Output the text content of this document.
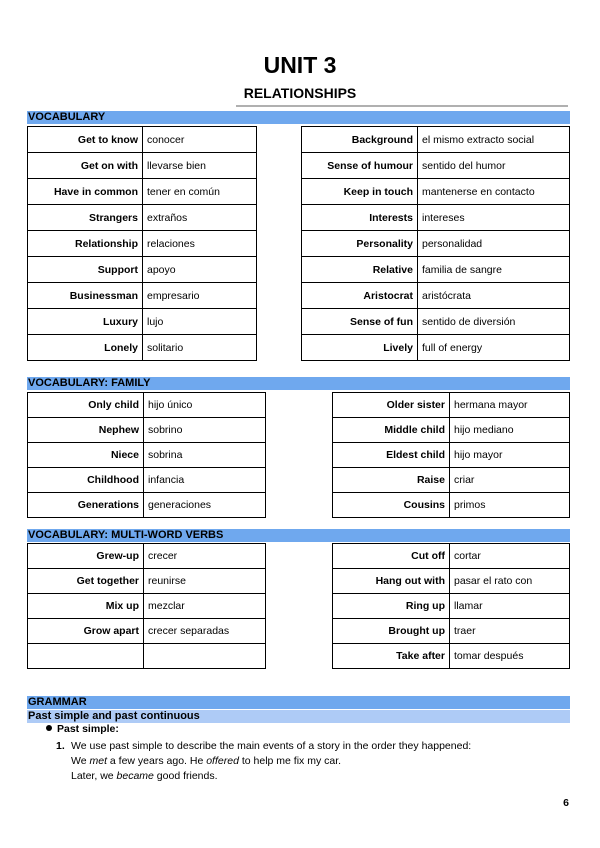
UNIT 3
RELATIONSHIPS
VOCABULARY
Get to know	conocer
Get on with	llevarse bien
Have in common	tener en común
Strangers	extraños
Relationship	relaciones
Support	apoyo
Businessman	empresario
Luxury	lujo
Lonely	solitario
Background	el mismo extracto social
Sense of humour	sentido del humor
Keep in touch	mantenerse en contacto
Interests	intereses
Personality	personalidad
Relative	familia de sangre
Aristocrat	aristócrata
Sense of fun	sentido de diversión
Lively	full of energy
VOCABULARY: FAMILY
Only child	hijo único
Nephew	sobrino
Niece	sobrina
Childhood	infancia
Generations	generaciones
Older sister	hermana mayor
Middle child	hijo mediano
Eldest child	hijo mayor
Raise	criar
Cousins	primos
VOCABULARY: MULTI-WORD VERBS
Grew-up	crecer
Get together	reunirse
Mix up	mezclar
Grow apart	crecer separadas

Cut off	cortar
Hang out with	pasar el rato con
Ring up	llamar
Brought up	traer
Take after	tomar después
GRAMMAR
Past simple and past continuous
Past simple:
1. We use past simple to describe the main events of a story in the order they happened:
We met a few years ago. He offered to help me fix my car.
Later, we became good friends.
6
